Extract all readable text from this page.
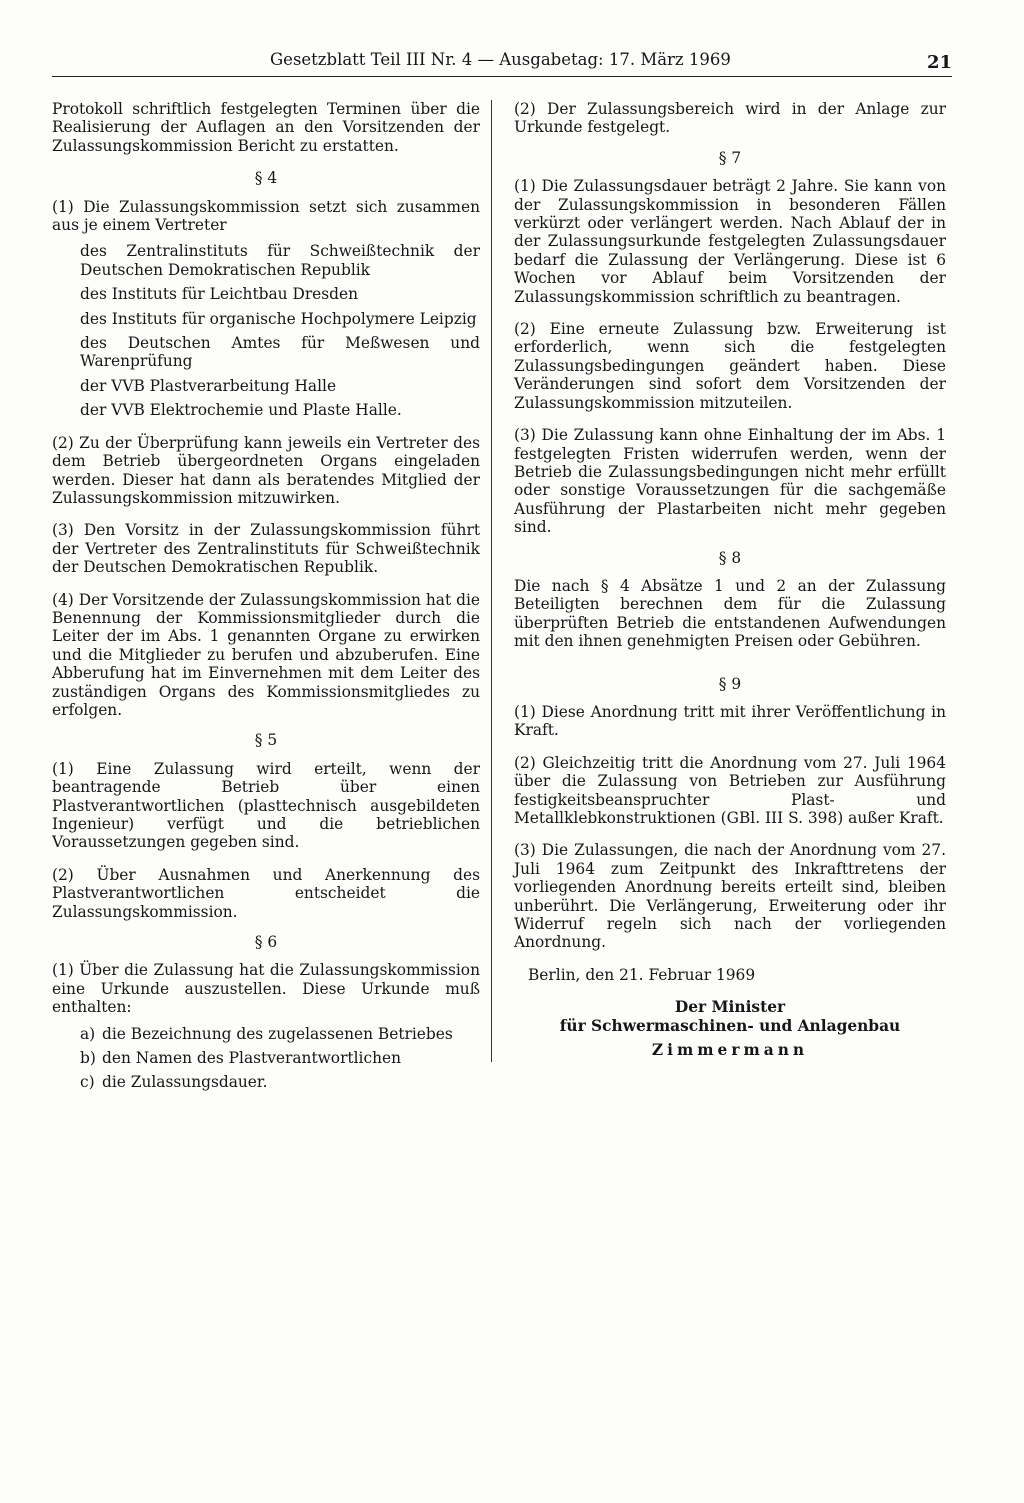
Gesetzblatt Teil III Nr. 4 — Ausgabetag: 17. März 1969	21

Protokoll schriftlich festgelegten Terminen über die Realisierung der Auflagen an den Vorsitzenden der Zulassungskommission Bericht zu erstatten.

§ 4

(1) Die Zulassungskommission setzt sich zusammen aus je einem Vertreter

des Zentralinstituts für Schweißtechnik der Deutschen Demokratischen Republik
des Instituts für Leichtbau Dresden
des Instituts für organische Hochpolymere Leipzig
des Deutschen Amtes für Meßwesen und Warenprüfung
der VVB Plastverarbeitung Halle
der VVB Elektrochemie und Plaste Halle.

(2) Zu der Überprüfung kann jeweils ein Vertreter des dem Betrieb übergeordneten Organs eingeladen werden. Dieser hat dann als beratendes Mitglied der Zulassungskommission mitzuwirken.

(3) Den Vorsitz in der Zulassungskommission führt der Vertreter des Zentralinstituts für Schweißtechnik der Deutschen Demokratischen Republik.

(4) Der Vorsitzende der Zulassungskommission hat die Benennung der Kommissionsmitglieder durch die Leiter der im Abs. 1 genannten Organe zu erwirken und die Mitglieder zu berufen und abzuberufen. Eine Abberufung hat im Einvernehmen mit dem Leiter des zuständigen Organs des Kommissionsmitgliedes zu erfolgen.

§ 5

(1) Eine Zulassung wird erteilt, wenn der beantragende Betrieb über einen Plastverantwortlichen (plasttechnisch ausgebildeten Ingenieur) verfügt und die betrieblichen Voraussetzungen gegeben sind.

(2) Über Ausnahmen und Anerkennung des Plastverantwortlichen entscheidet die Zulassungskommission.

§ 6

(1) Über die Zulassung hat die Zulassungskommission eine Urkunde auszustellen. Diese Urkunde muß enthalten:

a) die Bezeichnung des zugelassenen Betriebes
b) den Namen des Plastverantwortlichen
c) die Zulassungsdauer.

(2) Der Zulassungsbereich wird in der Anlage zur Urkunde festgelegt.

§ 7

(1) Die Zulassungsdauer beträgt 2 Jahre. Sie kann von der Zulassungskommission in besonderen Fällen verkürzt oder verlängert werden. Nach Ablauf der in der Zulassungsurkunde festgelegten Zulassungsdauer bedarf die Zulassung der Verlängerung. Diese ist 6 Wochen vor Ablauf beim Vorsitzenden der Zulassungskommission schriftlich zu beantragen.

(2) Eine erneute Zulassung bzw. Erweiterung ist erforderlich, wenn sich die festgelegten Zulassungsbedingungen geändert haben. Diese Veränderungen sind sofort dem Vorsitzenden der Zulassungskommission mitzuteilen.

(3) Die Zulassung kann ohne Einhaltung der im Abs. 1 festgelegten Fristen widerrufen werden, wenn der Betrieb die Zulassungsbedingungen nicht mehr erfüllt oder sonstige Voraussetzungen für die sachgemäße Ausführung der Plastarbeiten nicht mehr gegeben sind.

§ 8

Die nach § 4 Absätze 1 und 2 an der Zulassung Beteiligten berechnen dem für die Zulassung überprüften Betrieb die entstandenen Aufwendungen mit den ihnen genehmigten Preisen oder Gebühren.

§ 9

(1) Diese Anordnung tritt mit ihrer Veröffentlichung in Kraft.

(2) Gleichzeitig tritt die Anordnung vom 27. Juli 1964 über die Zulassung von Betrieben zur Ausführung festigkeitsbeanspruchter Plast- und Metallklebkonstruktionen (GBl. III S. 398) außer Kraft.

(3) Die Zulassungen, die nach der Anordnung vom 27. Juli 1964 zum Zeitpunkt des Inkrafttretens der vorliegenden Anordnung bereits erteilt sind, bleiben unberührt. Die Verlängerung, Erweiterung oder ihr Widerruf regeln sich nach der vorliegenden Anordnung.

Berlin, den 21. Februar 1969
Der Minister
für Schwermaschinen- und Anlagenbau
Zimmermann
